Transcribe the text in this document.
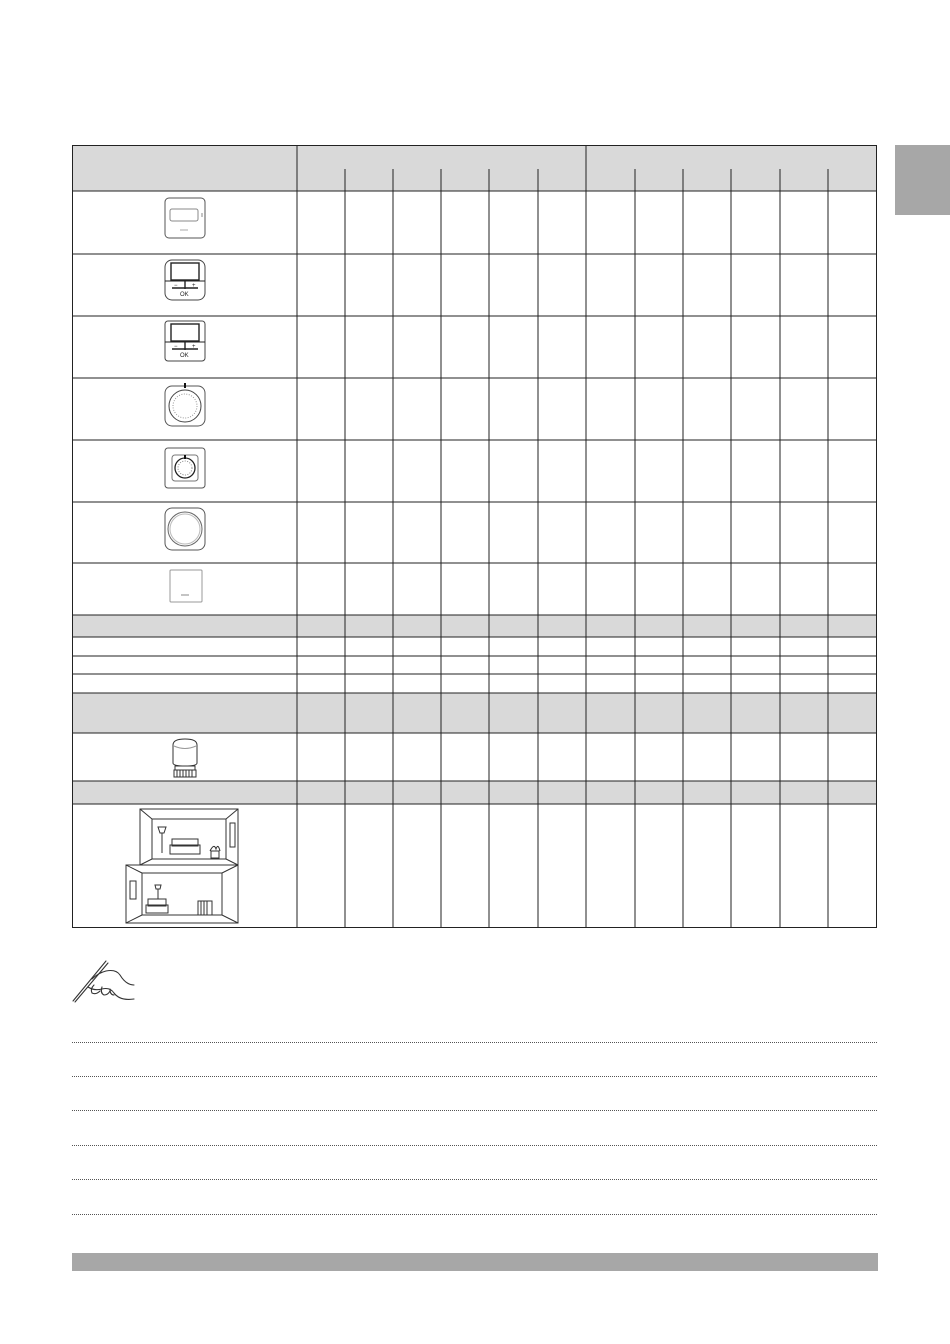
− +
OK
− +
OK
